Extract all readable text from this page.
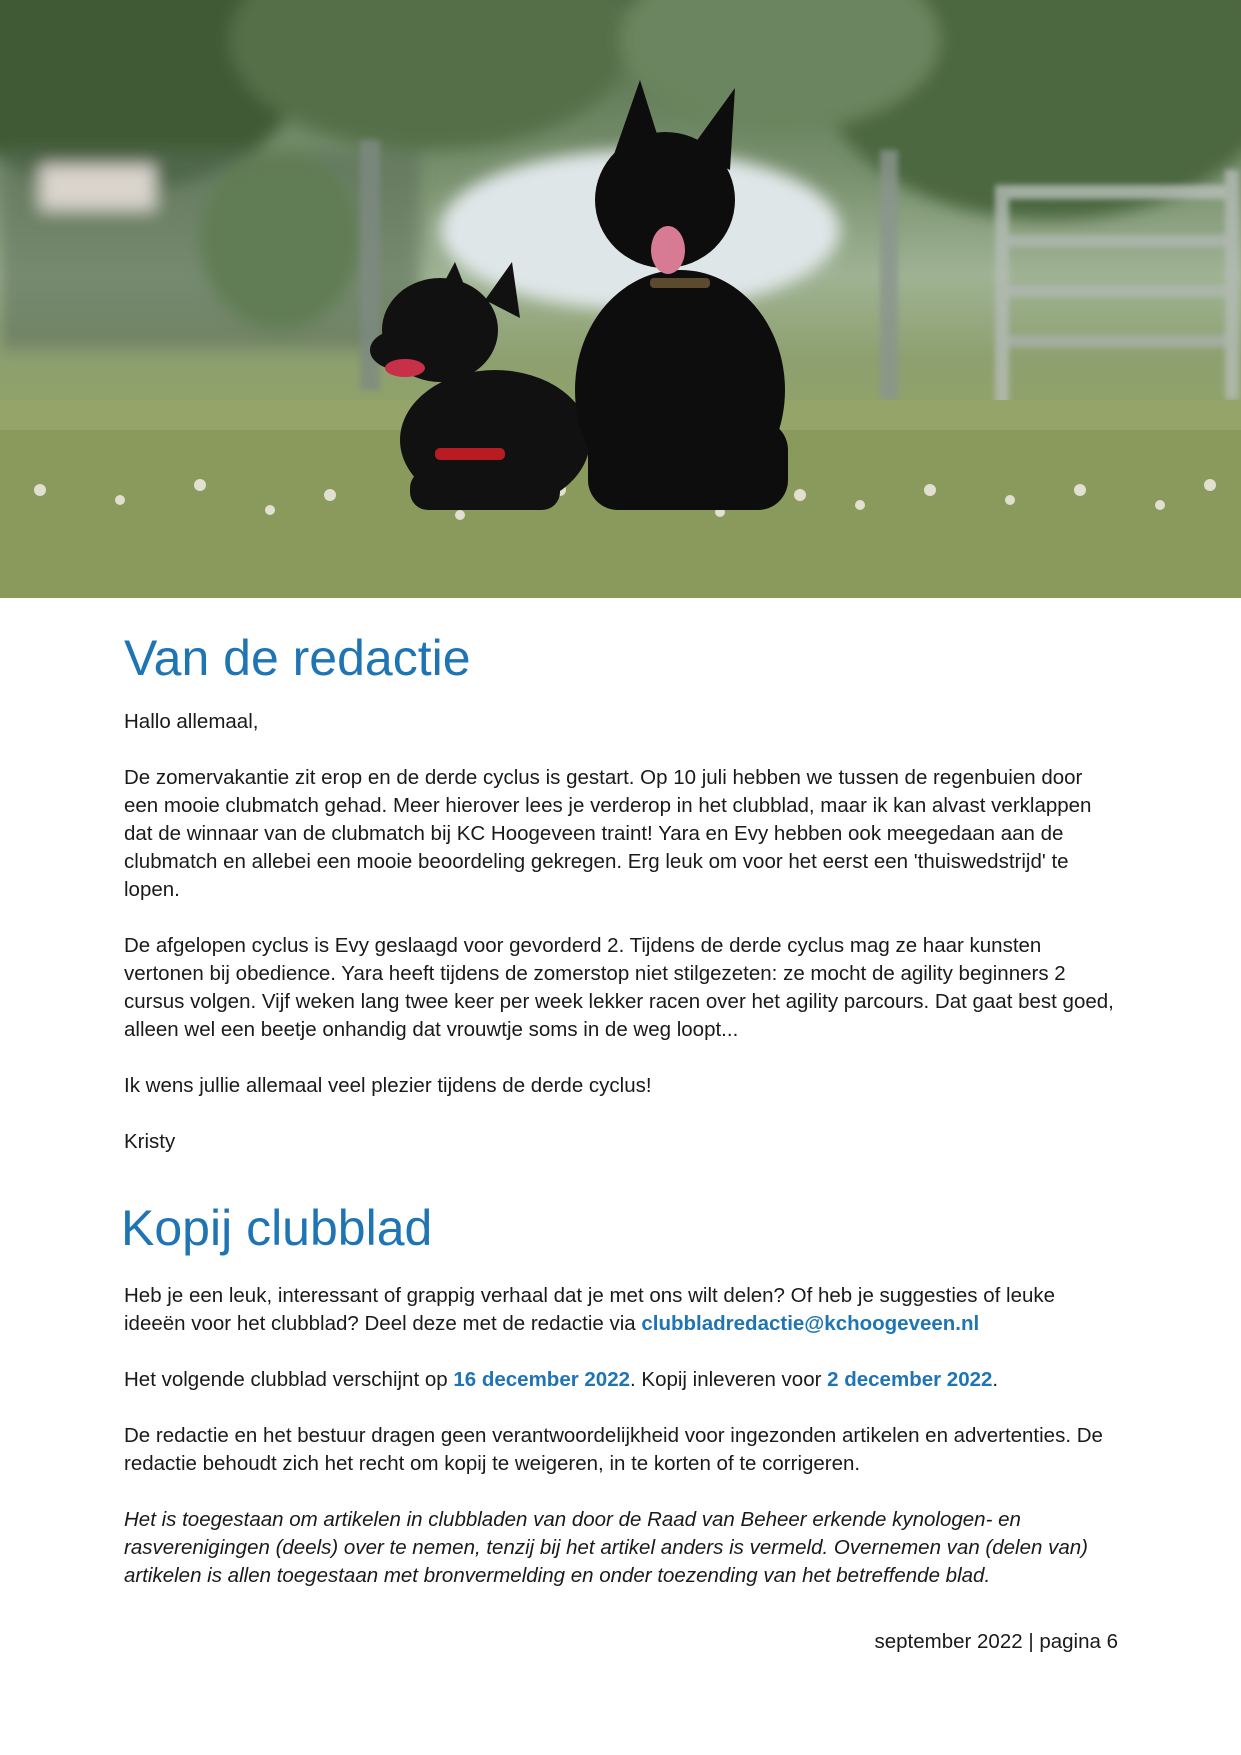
Van de redactie

Hallo allemaal,

De zomervakantie zit erop en de derde cyclus is gestart. Op 10 juli hebben we tussen de regenbuien door een mooie clubmatch gehad. Meer hierover lees je verderop in het clubblad, maar ik kan alvast verklappen dat de winnaar van de clubmatch bij KC Hoogeveen traint! Yara en Evy hebben ook meegedaan aan de clubmatch en allebei een mooie beoordeling gekregen. Erg leuk om voor het eerst een 'thuiswedstrijd' te lopen.

De afgelopen cyclus is Evy geslaagd voor gevorderd 2. Tijdens de derde cyclus mag ze haar kunsten vertonen bij obedience. Yara heeft tijdens de zomerstop niet stilgezeten: ze mocht de agility beginners 2 cursus volgen. Vijf weken lang twee keer per week lekker racen over het agility parcours. Dat gaat best goed, alleen wel een beetje onhandig dat vrouwtje soms in de weg loopt...

Ik wens jullie allemaal veel plezier tijdens de derde cyclus!

Kristy

Kopij clubblad

Heb je een leuk, interessant of grappig verhaal dat je met ons wilt delen? Of heb je suggesties of leuke ideeën voor het clubblad? Deel deze met de redactie via clubbladredactie@kchoogeveen.nl

Het volgende clubblad verschijnt op 16 december 2022. Kopij inleveren voor 2 december 2022.

De redactie en het bestuur dragen geen verantwoordelijkheid voor ingezonden artikelen en advertenties. De redactie behoudt zich het recht om kopij te weigeren, in te korten of te corrigeren.

Het is toegestaan om artikelen in clubbladen van door de Raad van Beheer erkende kynologen- en rasverenigingen (deels) over te nemen, tenzij bij het artikel anders is vermeld. Overnemen van (delen van) artikelen is allen toegestaan met bronvermelding en onder toezending van het betreffende blad.

september 2022 | pagina 6
